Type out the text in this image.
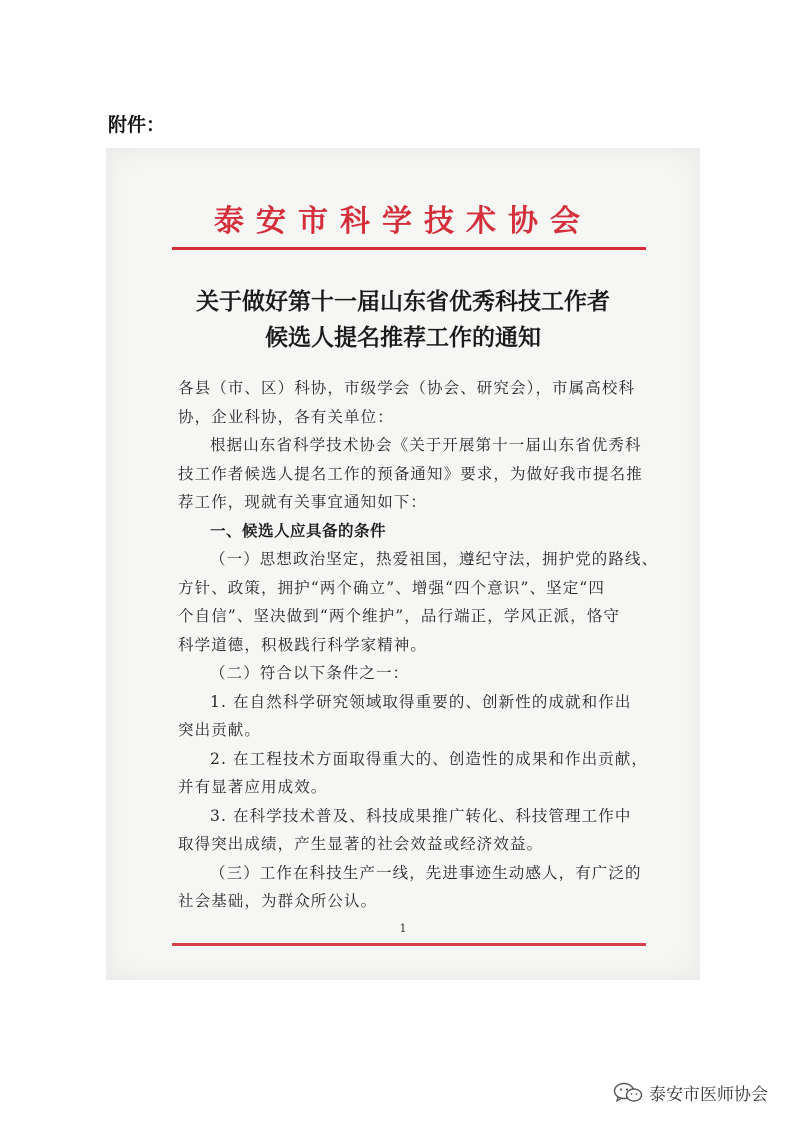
附件：
泰安市科学技术协会
关于做好第十一届山东省优秀科技工作者
候选人提名推荐工作的通知

各县（市、区）科协，市级学会（协会、研究会），市属高校科

协，企业科协，各有关单位：

根据山东省科学技术协会《关于开展第十一届山东省优秀科

技工作者候选人提名工作的预备通知》要求，为做好我市提名推

荐工作，现就有关事宜通知如下：

一、候选人应具备的条件

（一）思想政治坚定，热爱祖国，遵纪守法，拥护党的路线、

方针、政策，拥护“两个确立”、增强“四个意识”、坚定“四

个自信”、坚决做到“两个维护”，品行端正，学风正派，恪守

科学道德，积极践行科学家精神。

（二）符合以下条件之一：

1. 在自然科学研究领域取得重要的、创新性的成就和作出

突出贡献。

2. 在工程技术方面取得重大的、创造性的成果和作出贡献，

并有显著应用成效。

3. 在科学技术普及、科技成果推广转化、科技管理工作中

取得突出成绩，产生显著的社会效益或经济效益。

（三）工作在科技生产一线，先进事迹生动感人，有广泛的

社会基础，为群众所公认。

1
泰安市医师协会
